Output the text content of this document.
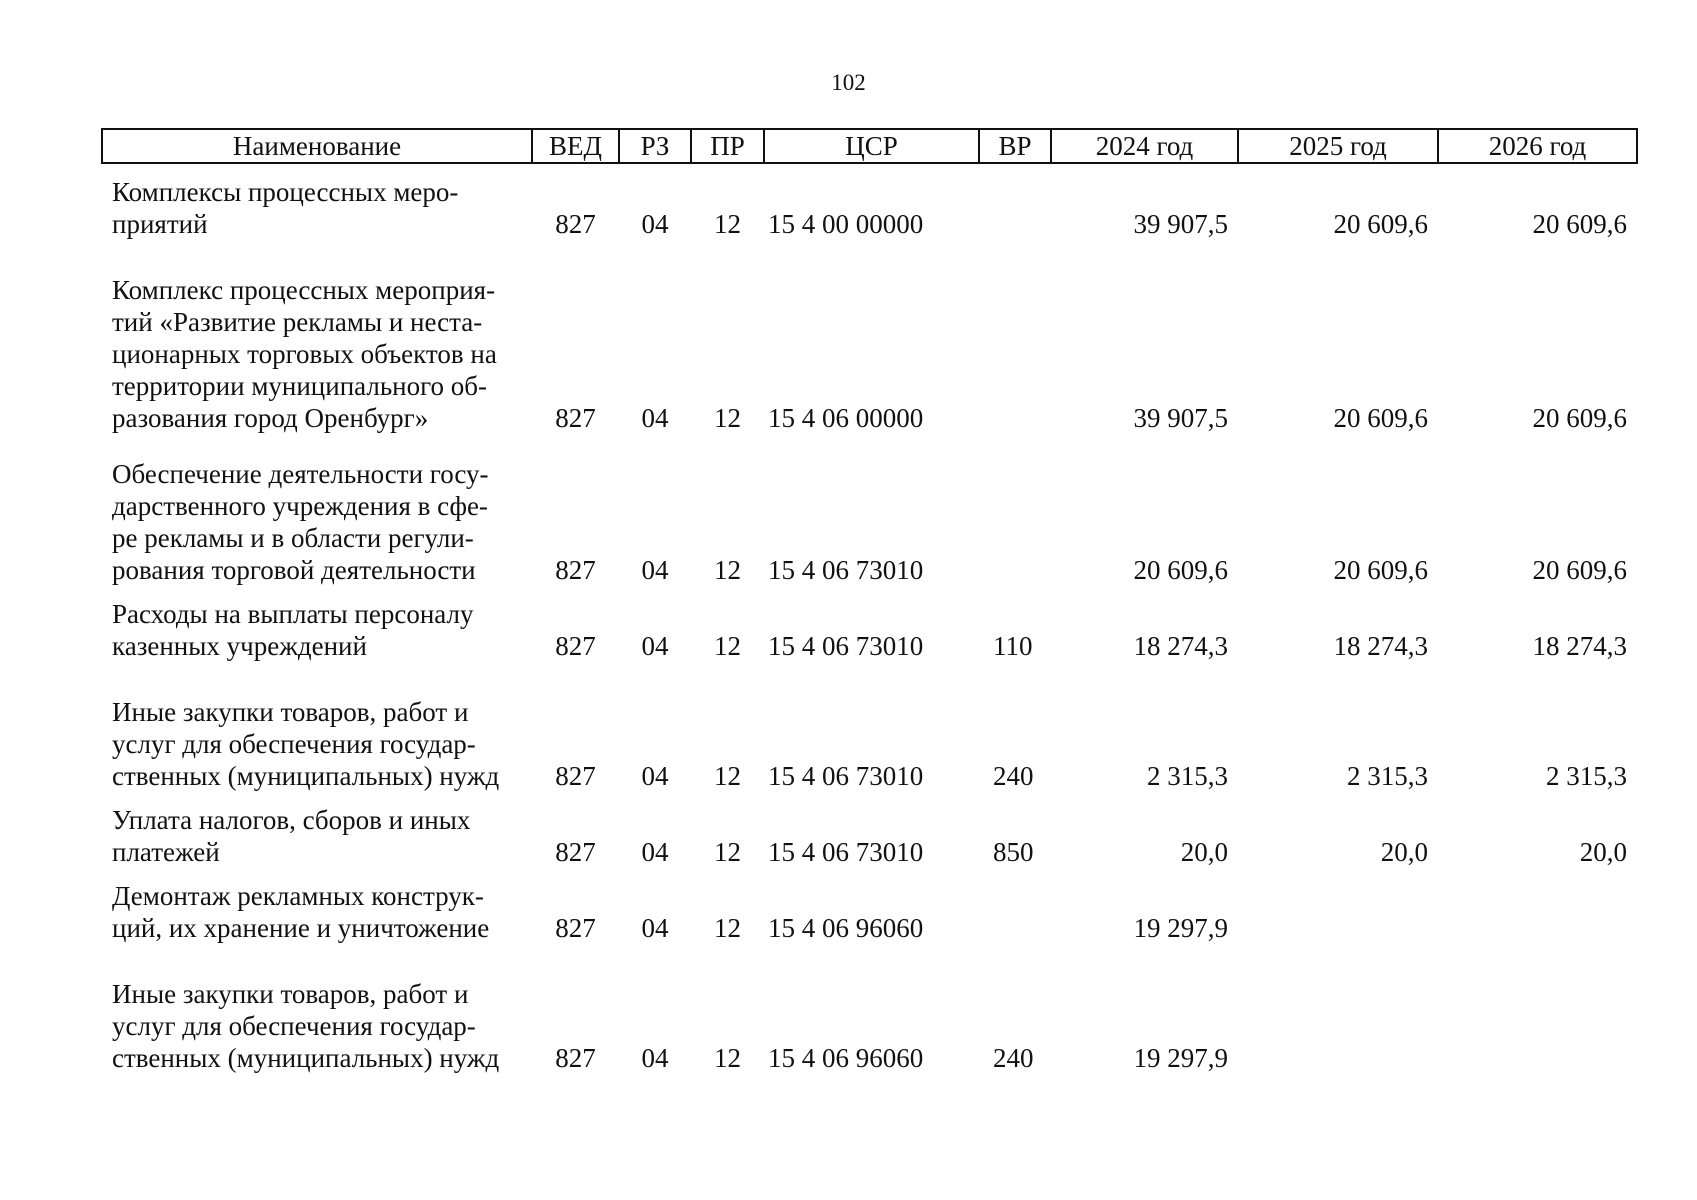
102
Наименование	ВЕД	РЗ	ПР	ЦСР	ВР	2024 год	2025 год	2026 год
Комплексы процессных меро-
приятий	827	04	12	15 4 00 00000		39 907,5	20 609,6	20 609,6
Комплекс процессных мероприя-
тий «Развитие рекламы и неста-
ционарных торговых объектов на
территории муниципального об-
разования город Оренбург»	827	04	12	15 4 06 00000		39 907,5	20 609,6	20 609,6
Обеспечение деятельности госу-
дарственного учреждения в сфе-
ре рекламы и в области регули-
рования торговой деятельности	827	04	12	15 4 06 73010		20 609,6	20 609,6	20 609,6
Расходы на выплаты персоналу
казенных учреждений	827	04	12	15 4 06 73010	110	18 274,3	18 274,3	18 274,3
Иные закупки товаров, работ и
услуг для обеспечения государ-
ственных (муниципальных) нужд	827	04	12	15 4 06 73010	240	2 315,3	2 315,3	2 315,3
Уплата налогов, сборов и иных
платежей	827	04	12	15 4 06 73010	850	20,0	20,0	20,0
Демонтаж рекламных конструк-
ций, их хранение и уничтожение	827	04	12	15 4 06 96060		19 297,9		
Иные закупки товаров, работ и
услуг для обеспечения государ-
ственных (муниципальных) нужд	827	04	12	15 4 06 96060	240	19 297,9		
